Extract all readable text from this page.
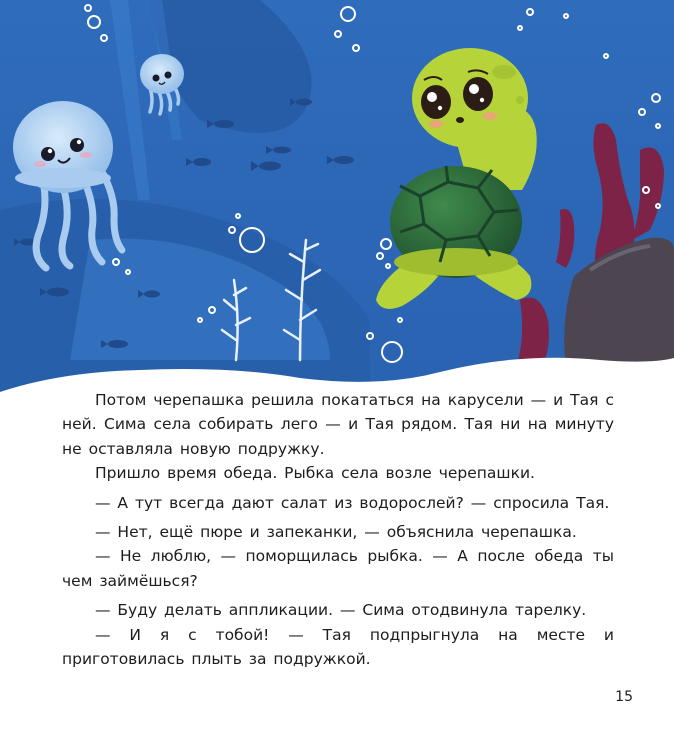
Потом черепашка решила покататься на карусели — и Тая с ней. Сима села собирать лего — и Тая рядом. Тая ни на минуту не оставляла новую подружку.

Пришло время обеда. Рыбка села возле черепашки.

— А тут всегда дают салат из водорослей? — спросила Тая.

— Нет, ещё пюре и запеканки, — объяснила черепашка.

— Не люблю, — поморщилась рыбка. — А после обеда ты чем займёшься?

— Буду делать аппликации. — Сима отодвинула тарелку.

— И я с тобой! — Тая подпрыгнула на месте и приготовилась плыть за подружкой.

15
